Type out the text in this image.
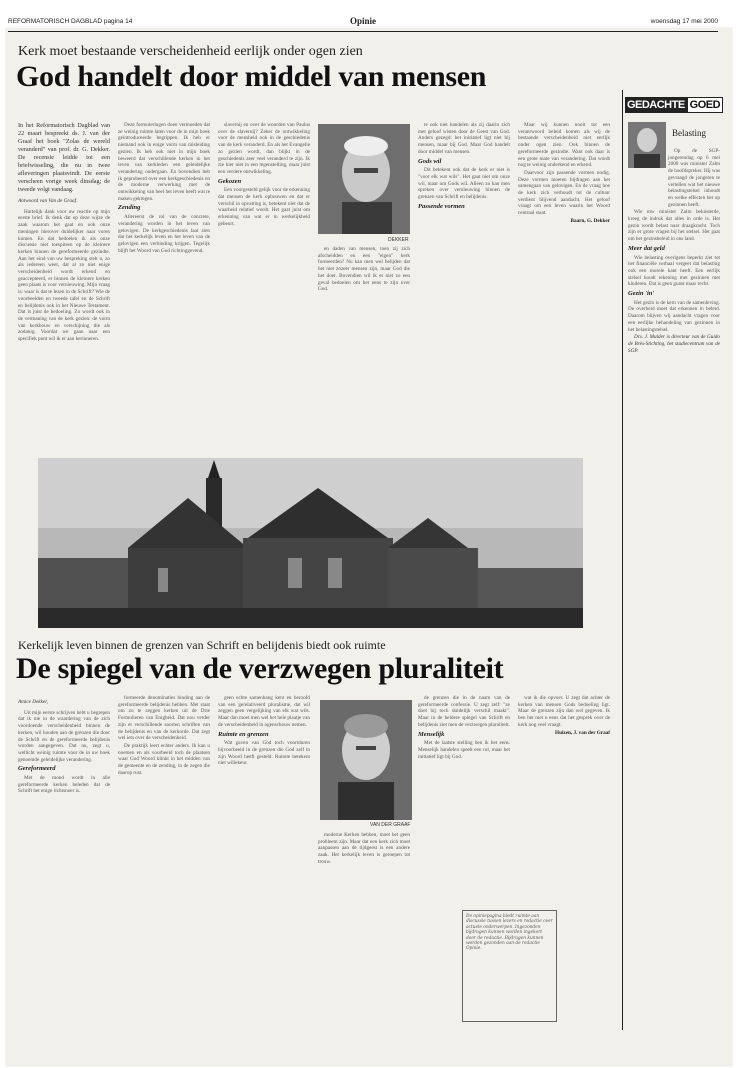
REFORMATORISCH DAGBLAD pagina 14	Opinie	woensdag 17 mei 2000
Kerk moet bestaande verscheidenheid eerlijk onder ogen zien
God handelt door middel van mensen

In het Reformatorisch Dagblad van 22 maart bespreekt ds. J. van der Graaf het boek "Zolas de wereld veranderd" van prof. dr. G. Dekker. De recensie leidde tot een briefwisseling, die nu in twee afleveringen plaatsvindt. De eerste verscheen vorige week dinsdag; de tweede volgt vandaag.

Antwoord van Van de Graaf.

Hartelijk dank voor uw reactie op mijn eerste brief. Ik denk dat op deze wijze de zaak waarom het gaat en ook onze meningen hierover duidelijker naar voren komen. En dat bedoelen ik als onze discussie niet toespitsen op de kleinere kerken binnen de gereformeerde gezindte. Aan het eind van uw bespreking stelt u, zo als iedereen weet, dat al zo niet enige verscheidenheid wordt erkend en geaccepteerd, er binnen de kleinere kerken geen plaats is voor vernieuwing. Mijn vraag is: waar is dat te lezen in de Schrift? Wie de voorbeelden en tweede tafel en de Schrift en belijdenis ook in het Nieuwe Testament. Dat is juist de bedoeling. Zo wordt ook in de vermaning van de kerk gezien: de vorm van kerkbouw en verschijning die als zodanig. Voordat we gaan naar een specifiek punt wil ik er aan herinneren.

Deze formuleringen doen vermoeden dat ze weinig ruimte laten voor de in mijn boek geïntroduceerde begrippen. Ik heb er niemand ook in enige vorm van misleiding gezien. Ik heb ook niet in mijn boek beweerd dat verschillende kerken in het leven van kerkleden een geleidelijke verandering ondergaan. En bovendien heb ik geprobeerd over een kerkgeschiedenis en de moderne verwerking met de ontwikkeling van heel het leven heeft wat te maken gekregen.

Zending

Allereerst de rol van de concrete, verandering worden in het leven van gelovigen. De kerkgeschiedenis laat zien dat het kerkelijk leven en het leven van de gelovigen een verbinding krijgen. Tegelijk blijft het Woord van God richtinggevend.

slavernij en over de woorden van Paulus over de slavernij? Zeker de ontwikkeling voor de mensheid ook in de geschiedenis van de kerk veranderd. En als het Evangelie zo gezien wordt, dan blijkt in de geschiedenis zeer veel veranderd te zijn. Ik zie hier niet in een tegenstelling, maar juist een verdere ontwikkeling.

Gekozen

Een voorgesteld gelijk voor de erkenning dat mensen de kerk opbouwen en dat er verschil in opvatting is, betekent niet dat de waarheid relatief wordt. Het gaat juist om erkenning van wat er in werkelijkheid gebeurt.

DEKKER

en daden van mensen, toen zij zich afscheidden en een "eigen" kerk formeerden? Nu kan men wel belijden dat het niet zozeer mensen zijn, maar God die het doet. Bovendien wil ik er niet zo een geval bedoelen om het eens te zijn over God.

te ook niet handelen als zij daarin zich met geloof wisten door de Geest van God. Anders gezegd: het initiatief ligt niet bij mensen, maar bij God. Maar God handelt door middel van mensen.

Gods wil

Dit betekent ook dat de kerk er niet is "voor elk wat wils". Het gaat niet om onze wil, maar om Gods wil. Alleen zo kan men spreken over vernieuwing binnen de grenzen van Schrift en belijdenis.

Passende vormen

Maar wij kunnen nooit tot een verantwoord beleid komen als wij de bestaande verscheidenheid niet eerlijk onder ogen zien. Ook binnen de gereformeerde gezindte. Want ook daar is een grote mate van verandering. Dat wordt nog te weinig onderkend en erkend.

Daarvoor zijn passende vormen nodig. Deze vormen moeten bijdragen aan het samengaan van gelovigen. En de vraag hoe de kerk zich verhoudt tot de cultuur verdient blijvend aandacht. Het geloof vraagt om een leven waarin het Woord centraal staat.

Baarn, G. Dekker

Kerkelijk leven binnen de grenzen van Schrift en belijdenis biedt ook ruimte
De spiegel van de verzwegen pluraliteit

Amice Dekker,

Uit mijn eerste schrijven hebt u begrepen dat ik me in de waardering van de zich voordoende verscheidenheid binnen de kerken, wil houden aan de grenzen die door de Schrift en de gereformeerde belijdenis worden aangegeven. Dat nu, zegt u, wellicht weinig ruimte voor de in uw boek genoemde geleidelijke verandering.

Gereformeerd

Met de mond wordt in alle gereformeerde kerken beleden dat de Schrift het enige richtsnoer is.

formeerde denominaties binding aan de gereformeerde belijdenis hebben. Met staat om zo te zeggen kerken uit de Drie Formulieren van Enigheid. Dat nou verder zijn er verschillende soorten schriften van de belijdenis en van de kerkorde. Dat zegt wel iets over de verscheidenheid.

De praktijk leert echter anders. Ik kan u noemen en als voorbeeld toch de plaatsen waar God Woord klinkt in het midden van de gemeente en de zending, in de zegen die daarop rust.

geen echte samenhang kent en beroofd van een gerelativeerd pluralisme, dat wil zeggen geen vergelijking van elk wat wils. Maar dan moet men wel het hele plaatje van de verscheidenheid in ogenschouw nemen.

Ruimte en grenzen

Wat gaven van God toch voortduren bijvoorbeeld in de grenzen die God zelf in zijn Woord heeft gesteld. Ruimte betekent niet willekeur.

VAN DER GRAAF

moderne Kerken hebben, moet het geen probleem zijn. Maar dat een kerk zich moet aanpassen aan de tijdgeest is een andere zaak. Het kerkelijk leven is geroepen tot trouw.

de grenzen die in de naam van de gereformeerde confessie. U zegt zelf: "ze doet hij toch duidelijk verschil maakt". Maar in de heldere spiegel van Schrift en belijdenis ziet men de verzwegen pluraliteit.

Menselijk

Met de laatste stelling ben ik het eens. Menselijk handelen speelt een rol, maar het initiatief ligt bij God.

wat ik die opvoer. U zegt dat achter de kerken van mensen Gods bedoeling ligt. Maar de grenzen zijn dan wel gegeven. Ik ben het met u eens dat het gesprek over de kerk nog veel vraagt.

Huizen, J. van der Graaf

De opiniepagina biedt ruimte aan discussie tussen lezers en redactie over actuele onderwerpen. Ingezonden bijdragen kunnen worden ingekort door de redactie. Bijdragen kunnen worden gezonden aan de redactie Opinie.
GEDACHTE GOED
Belasting

Op de SGP-jongerendag op 6 mei 2000 was minister Zalm de hoofdspreker. Hij was gevraagd de jongeren te vertellen wat het nieuwe belastingstelsel inhoudt en welke effecten het op gezinnen heeft.

Wie mw minister Zalm beluisterde, kreeg de indruk dat alles in orde is. Het gezin wordt belast naar draagkracht. Toch zijn er grote vragen bij het stelsel. Het gaat om het gezinsbeleid in ons land.

Meer dat geld

Wie belasting overigens beperkt ziet tot het financiële verhaal vergeet dat belasting ook een morele kant heeft. Een eerlijk stelsel houdt rekening met gezinnen met kinderen. Dat is geen gunst maar recht.

Gezin 'in'

Het gezin is de kern van de samenleving. De overheid moet dat erkennen in beleid. Daarom blijven wij aandacht vragen voor een eerlijke behandeling van gezinnen in het belastingstelsel.

Drs. J. Mulder is directeur van de Guido de Brès-Stichting, het studiecentrum van de SGP.
